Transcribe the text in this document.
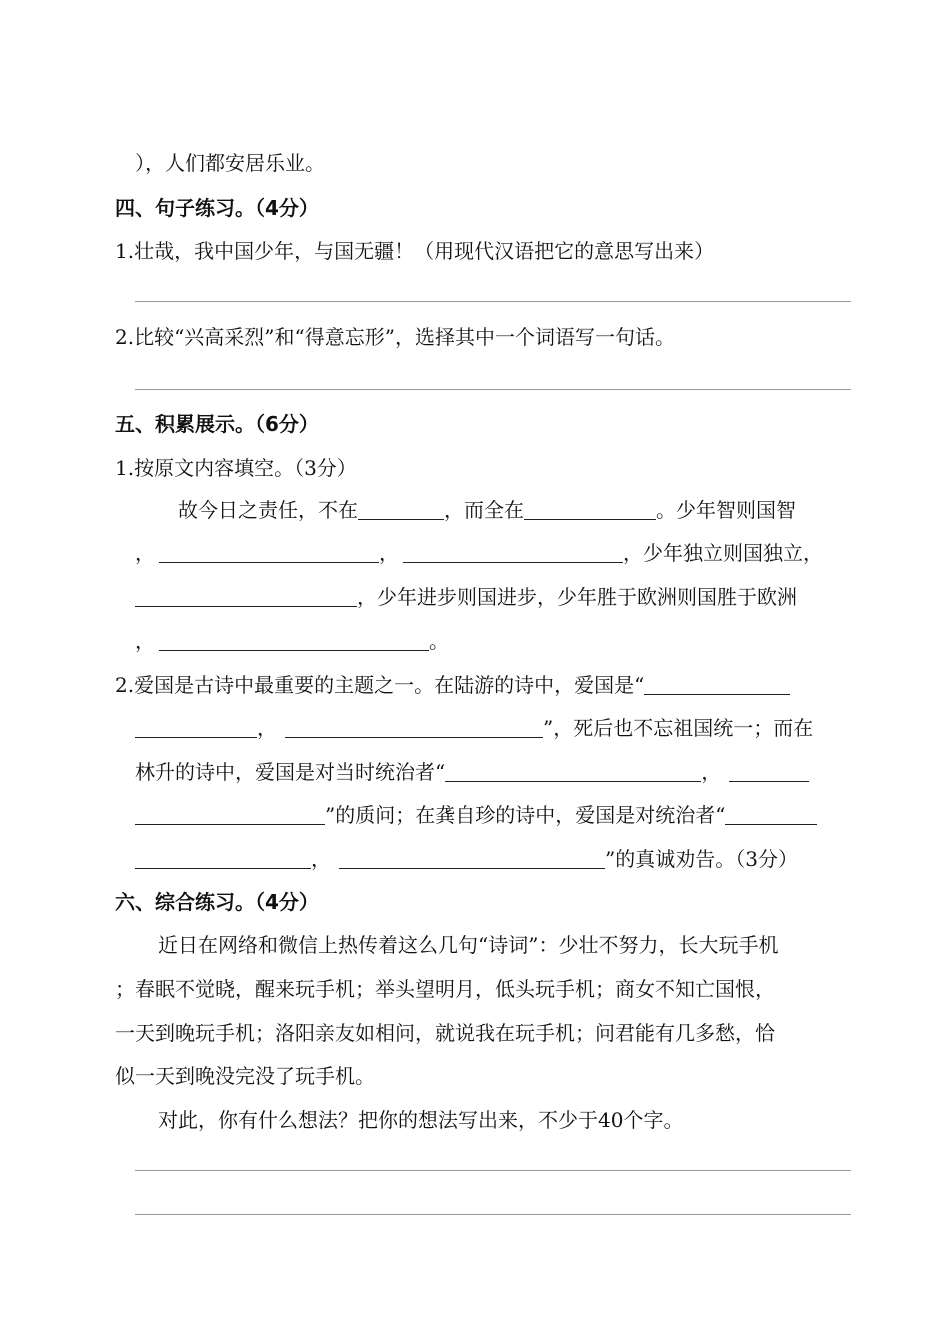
），人们都安居乐业。
四、句子练习。（4分）
1.壮哉，我中国少年，与国无疆！（用现代汉语把它的意思写出来）
2.比较“兴高采烈”和“得意忘形”，选择其中一个词语写一句话。
五、积累展示。（6分）
1.按原文内容填空。（3分）
故今日之责任，不在	，而全在	。少年智则国智
，	，	，少年独立则国独立，
，少年进步则国进步，少年胜于欧洲则国胜于欧洲
，	。
2.爱国是古诗中最重要的主题之一。在陆游的诗中，爱国是“
，	”，死后也不忘祖国统一；而在
林升的诗中，爱国是对当时统治者“	，
”的质问；在龚自珍的诗中，爱国是对统治者“
，	”的真诚劝告。（3分）
六、综合练习。（4分）
近日在网络和微信上热传着这么几句“诗词”：少壮不努力，长大玩手机
；春眠不觉晓，醒来玩手机；举头望明月，低头玩手机；商女不知亡国恨，
一天到晚玩手机；洛阳亲友如相问，就说我在玩手机；问君能有几多愁，恰
似一天到晚没完没了玩手机。
对此，你有什么想法？把你的想法写出来，不少于40个字。
